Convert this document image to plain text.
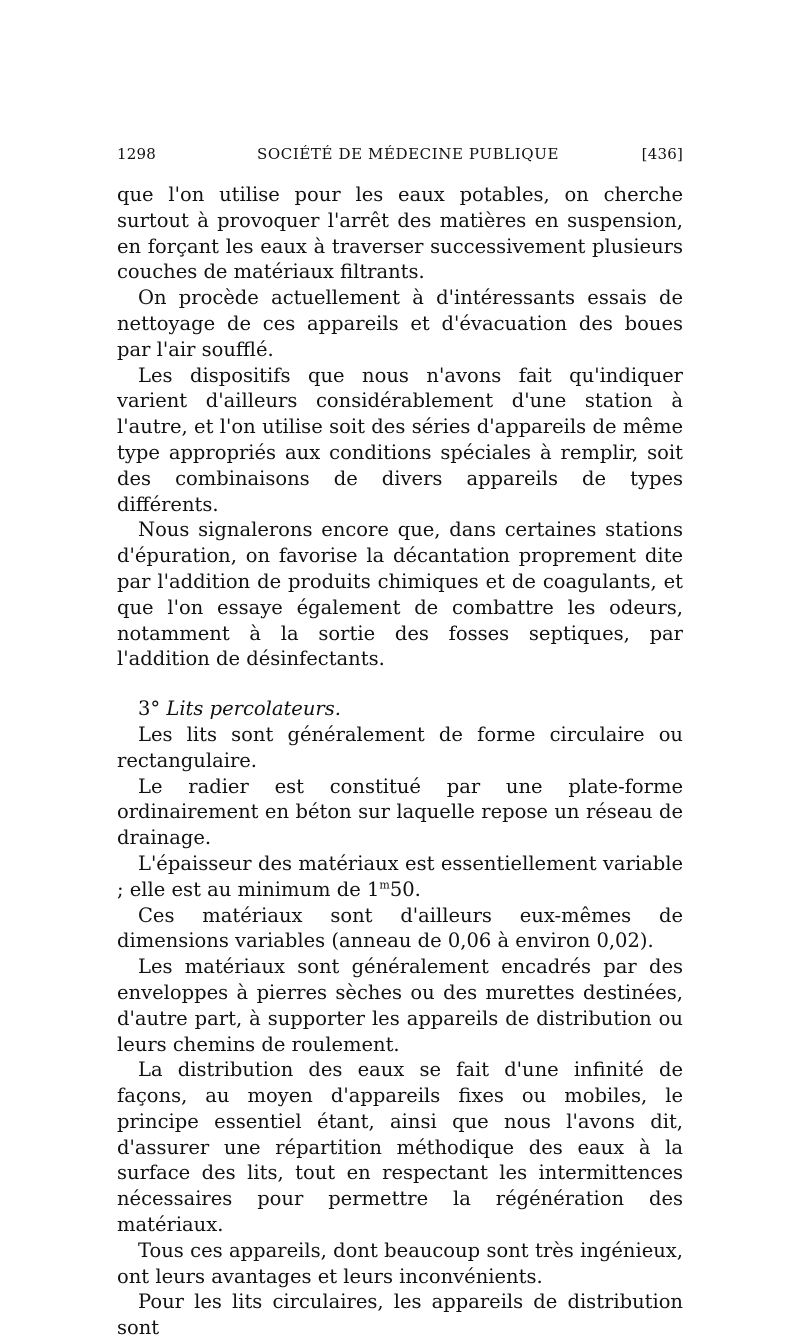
1298	SOCIÉTÉ DE MÉDECINE PUBLIQUE	[436]

que l'on utilise pour les eaux potables, on cherche surtout à provoquer l'arrêt des matières en suspension, en forçant les eaux à traverser successivement plusieurs couches de matériaux filtrants.

On procède actuellement à d'intéressants essais de nettoyage de ces appareils et d'évacuation des boues par l'air soufflé.

Les dispositifs que nous n'avons fait qu'indiquer varient d'ailleurs considérablement d'une station à l'autre, et l'on utilise soit des séries d'appareils de même type appropriés aux conditions spéciales à remplir, soit des combinaisons de divers appareils de types différents.

Nous signalerons encore que, dans certaines stations d'épuration, on favorise la décantation proprement dite par l'addition de produits chimiques et de coagulants, et que l'on essaye également de combattre les odeurs, notamment à la sortie des fosses septiques, par l'addition de désinfectants.

3° Lits percolateurs.

Les lits sont généralement de forme circulaire ou rectangulaire.

Le radier est constitué par une plate-forme ordinairement en béton sur laquelle repose un réseau de drainage.

L'épaisseur des matériaux est essentiellement variable ; elle est au minimum de 1$^m$50.

Ces matériaux sont d'ailleurs eux-mêmes de dimensions variables (anneau de 0,06 à environ 0,02).

Les matériaux sont généralement encadrés par des enveloppes à pierres sèches ou des murettes destinées, d'autre part, à supporter les appareils de distribution ou leurs chemins de roulement.

La distribution des eaux se fait d'une infinité de façons, au moyen d'appareils fixes ou mobiles, le principe essentiel étant, ainsi que nous l'avons dit, d'assurer une répartition méthodique des eaux à la surface des lits, tout en respectant les intermittences nécessaires pour permettre la régénération des matériaux.

Tous ces appareils, dont beaucoup sont très ingénieux, ont leurs avantages et leurs inconvénients.

Pour les lits circulaires, les appareils de distribution sont
